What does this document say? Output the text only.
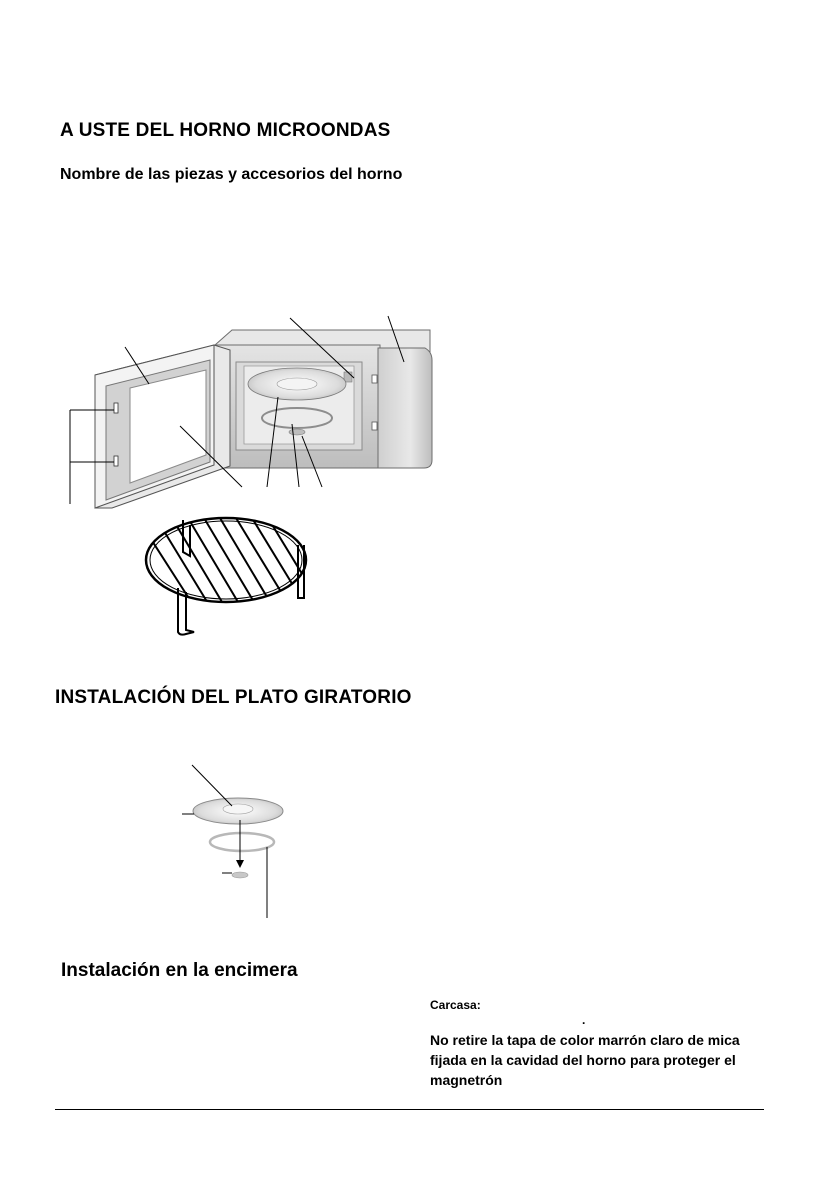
A USTE DEL HORNO MICROONDAS
Nombre de las piezas y accesorios del horno
INSTALACIÓN DEL PLATO GIRATORIO
Instalación en la encimera
Carcasa:
.
No retire la tapa de color marrón claro de mica fijada en la cavidad del horno para proteger el magnetrón
